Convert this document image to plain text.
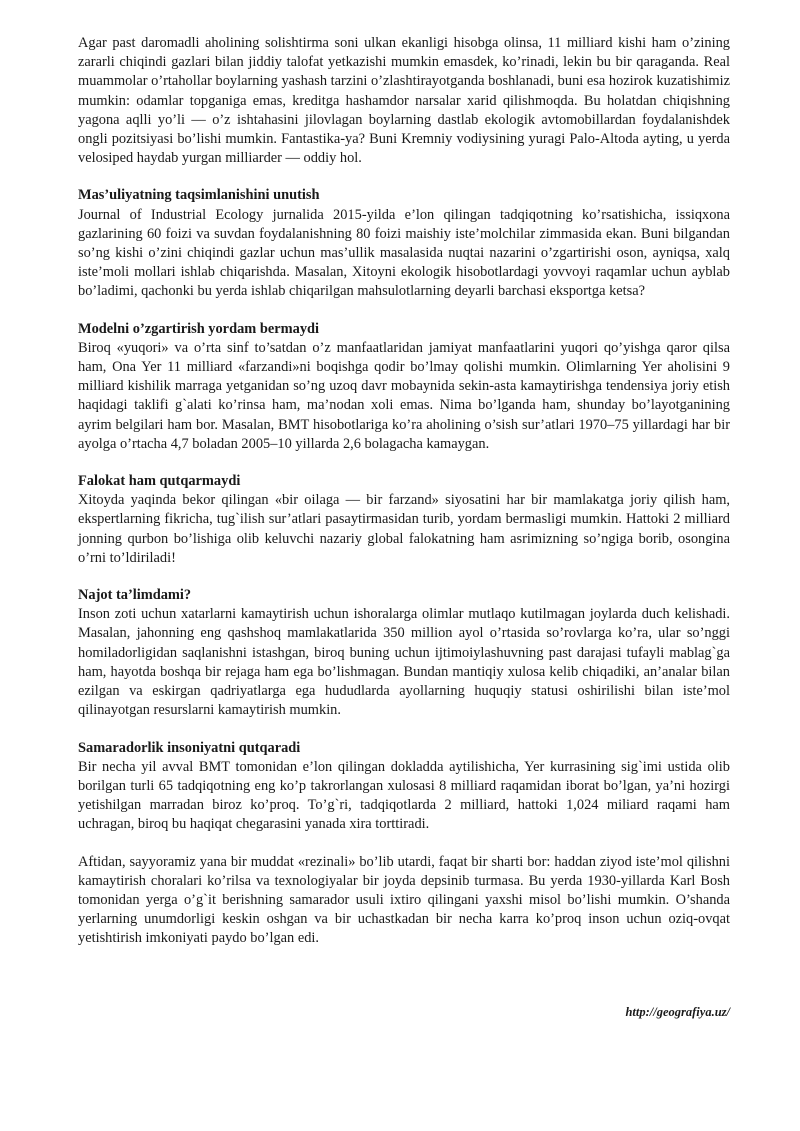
Agar past daromadli aholining solishtirma soni ulkan ekanligi hisobga olinsa, 11 milliard kishi ham o’zining zararli chiqindi gazlari bilan jiddiy talofat yetkazishi mumkin emasdek, ko’rinadi, lekin bu bir qaraganda. Real muammolar o’rtahollar boylarning yashash tarzini o’zlashtirayotganda boshlanadi, buni esa hozirok kuzatishimiz mumkin: odamlar topganiga emas, kreditga hashamdor narsalar xarid qilishmoqda. Bu holatdan chiqishning yagona aqlli yo’li — o’z ishtahasini jilovlagan boylarning dastlab ekologik avtomobillardan foydalanishdek ongli pozitsiyasi bo’lishi mumkin. Fantastika-ya? Buni Kremniy vodiysining yuragi Palo-Altoda ayting, u yerda velosiped haydab yurgan milliarder — oddiy hol.

Mas’uliyatning taqsimlanishini unutish

Journal of Industrial Ecology jurnalida 2015-yilda e’lon qilingan tadqiqotning ko’rsatishicha, issiqxona gazlarining 60 foizi va suvdan foydalanishning 80 foizi maishiy iste’molchilar zimmasida ekan. Buni bilgandan so’ng kishi o’zini chiqindi gazlar uchun mas’ullik masalasida nuqtai nazarini o’zgartirishi oson, ayniqsa, xalq iste’moli mollari ishlab chiqarishda. Masalan, Xitoyni ekologik hisobotlardagi yovvoyi raqamlar uchun ayblab bo’ladimi, qachonki bu yerda ishlab chiqarilgan mahsulotlarning deyarli barchasi eksportga ketsa?

Modelni o’zgartirish yordam bermaydi

Biroq «yuqori» va o’rta sinf to’satdan o’z manfaatlaridan jamiyat manfaatlarini yuqori qo’yishga qaror qilsa ham, Ona Yer 11 milliard «farzandi»ni boqishga qodir bo’lmay qolishi mumkin. Olimlarning Yer aholisini 9 milliard kishilik marraga yetganidan so’ng uzoq davr mobaynida sekin-asta kamaytirishga tendensiya joriy etish haqidagi taklifi g`alati ko’rinsa ham, ma’nodan xoli emas. Nima bo’lganda ham, shunday bo’layotganining ayrim belgilari ham bor. Masalan, BMT hisobotlariga ko’ra aholining o’sish sur’atlari 1970–75 yillardagi har bir ayolga o’rtacha 4,7 boladan 2005–10 yillarda 2,6 bolagacha kamaygan.

Falokat ham qutqarmaydi

Xitoyda yaqinda bekor qilingan «bir oilaga — bir farzand» siyosatini har bir mamlakatga joriy qilish ham, ekspertlarning fikricha, tug`ilish sur’atlari pasaytirmasidan turib, yordam bermasligi mumkin. Hattoki 2 milliard jonning qurbon bo’lishiga olib keluvchi nazariy global falokatning ham asrimizning so’ngiga borib, osongina o’rni to’ldiriladi!

Najot ta’limdami?

Inson zoti uchun xatarlarni kamaytirish uchun ishoralarga olimlar mutlaqo kutilmagan joylarda duch kelishadi. Masalan, jahonning eng qashshoq mamlakatlarida 350 million ayol o’rtasida so’rovlarga ko’ra, ular so’nggi homiladorligidan saqlanishni istashgan, biroq buning uchun ijtimoiylashuvning past darajasi tufayli mablag`ga ham, hayotda boshqa bir rejaga ham ega bo’lishmagan. Bundan mantiqiy xulosa kelib chiqadiki, an’analar bilan ezilgan va eskirgan qadriyatlarga ega hududlarda ayollarning huquqiy statusi oshirilishi bilan iste’mol qilinayotgan resurslarni kamaytirish mumkin.

Samaradorlik insoniyatni qutqaradi

Bir necha yil avval BMT tomonidan e’lon qilingan dokladda aytilishicha, Yer kurrasining sig`imi ustida olib borilgan turli 65 tadqiqotning eng ko’p takrorlangan xulosasi 8 milliard raqamidan iborat bo’lgan, ya’ni hozirgi yetishilgan marradan biroz ko’proq. To’g`ri, tadqiqotlarda 2 milliard, hattoki 1,024 miliard raqami ham uchragan, biroq bu haqiqat chegarasini yanada xira torttiradi.

Aftidan, sayyoramiz yana bir muddat «rezinali» bo’lib utardi, faqat bir sharti bor: haddan ziyod iste’mol qilishni kamaytirish choralari ko’rilsa va texnologiyalar bir joyda depsinib turmasa. Bu yerda 1930-yillarda Karl Bosh tomonidan yerga o’g`it berishning samarador usuli ixtiro qilingani yaxshi misol bo’lishi mumkin. O’shanda yerlarning unumdorligi keskin oshgan va bir uchastkadan bir necha karra ko’proq inson uchun oziq-ovqat yetishtirish imkoniyati paydo bo’lgan edi.

http://geografiya.uz/
